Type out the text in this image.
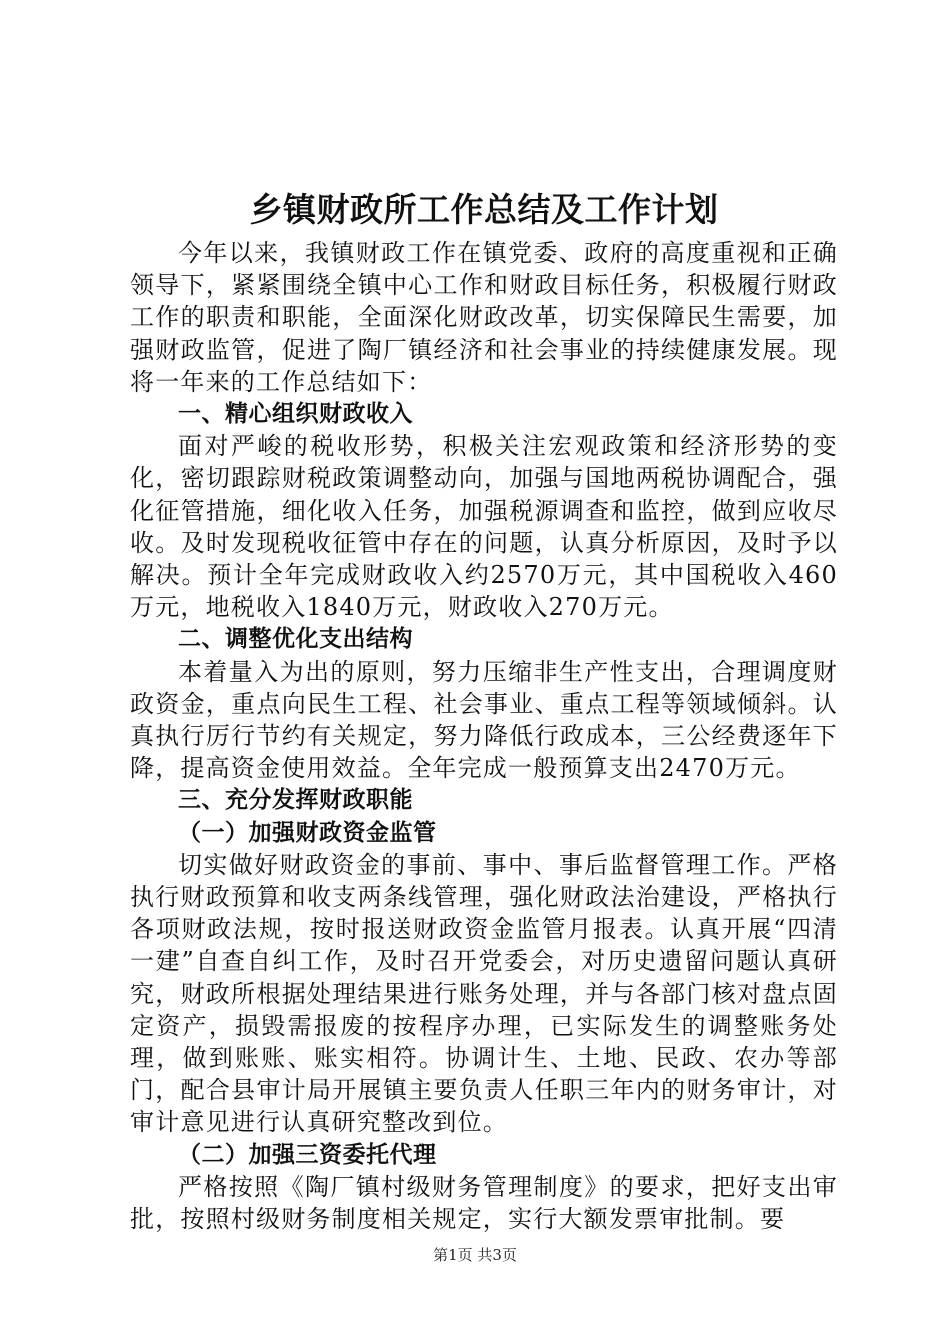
乡镇财政所工作总结及工作计划

今年以来，我镇财政工作在镇党委、政府的高度重视和正确领导下，紧紧围绕全镇中心工作和财政目标任务，积极履行财政工作的职责和职能，全面深化财政改革，切实保障民生需要，加强财政监管，促进了陶厂镇经济和社会事业的持续健康发展。现将一年来的工作总结如下：

一、精心组织财政收入

面对严峻的税收形势，积极关注宏观政策和经济形势的变化，密切跟踪财税政策调整动向，加强与国地两税协调配合，强化征管措施，细化收入任务，加强税源调查和监控，做到应收尽收。及时发现税收征管中存在的问题，认真分析原因，及时予以解决。预计全年完成财政收入约2570万元，其中国税收入460万元，地税收入1840万元，财政收入270万元。

二、调整优化支出结构

本着量入为出的原则，努力压缩非生产性支出，合理调度财政资金，重点向民生工程、社会事业、重点工程等领域倾斜。认真执行厉行节约有关规定，努力降低行政成本，三公经费逐年下降，提高资金使用效益。全年完成一般预算支出2470万元。

三、充分发挥财政职能
（一）加强财政资金监管

切实做好财政资金的事前、事中、事后监督管理工作。严格执行财政预算和收支两条线管理，强化财政法治建设，严格执行各项财政法规，按时报送财政资金监管月报表。认真开展“四清一建”自查自纠工作，及时召开党委会，对历史遗留问题认真研究，财政所根据处理结果进行账务处理，并与各部门核对盘点固定资产，损毁需报废的按程序办理，已实际发生的调整账务处理，做到账账、账实相符。协调计生、土地、民政、农办等部门，配合县审计局开展镇主要负责人任职三年内的财务审计，对审计意见进行认真研究整改到位。

（二）加强三资委托代理

严格按照《陶厂镇村级财务管理制度》的要求，把好支出审批，按照村级财务制度相关规定，实行大额发票审批制。要

第1页 共3页
